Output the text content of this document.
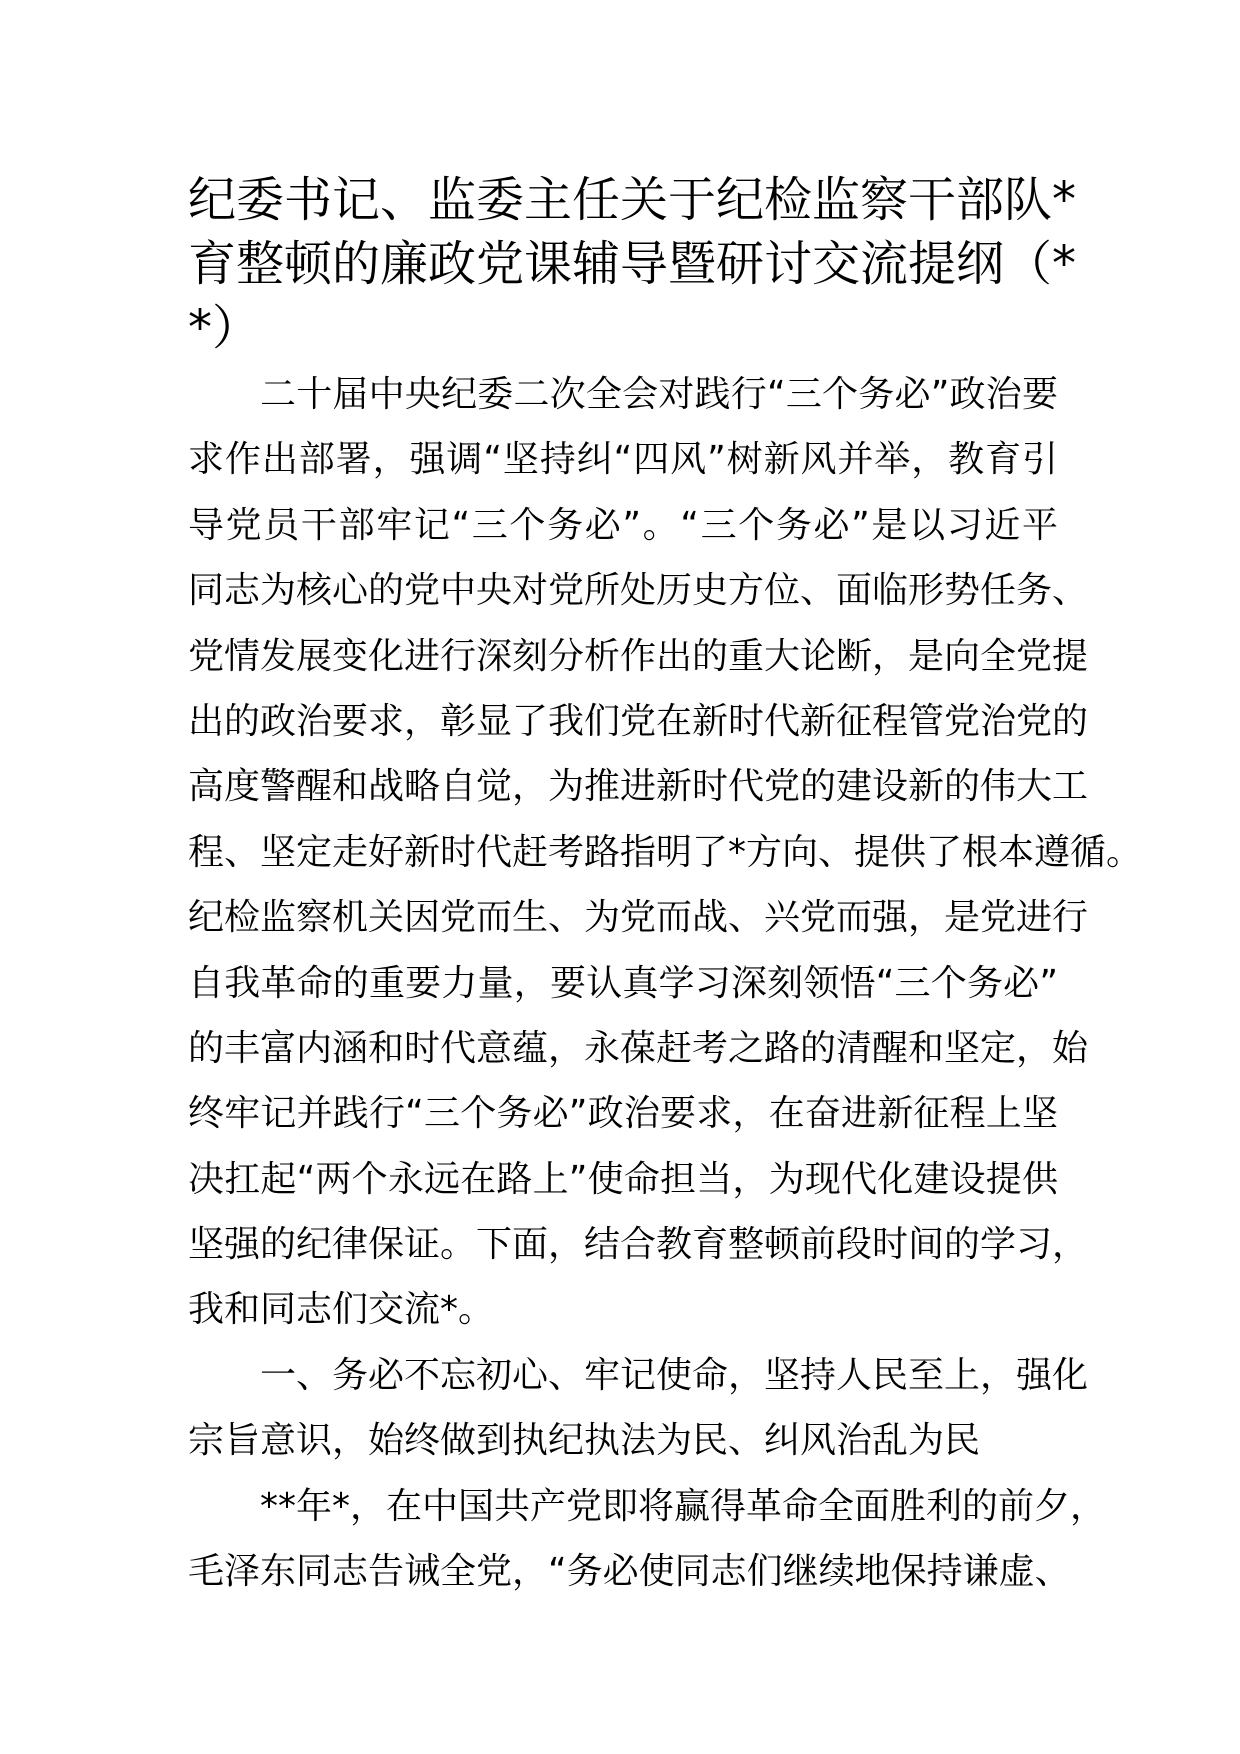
纪委书记、监委主任关于纪检监察干部队*
育整顿的廉政党课辅导暨研讨交流提纲（*
*）
二十届中央纪委二次全会对践行“三个务必”政治要
求作出部署，强调“坚持纠“四风”树新风并举，教育引
导党员干部牢记“三个务必”。“三个务必”是以习近平
同志为核心的党中央对党所处历史方位、面临形势任务、
党情发展变化进行深刻分析作出的重大论断，是向全党提
出的政治要求，彰显了我们党在新时代新征程管党治党的
高度警醒和战略自觉，为推进新时代党的建设新的伟大工
程、坚定走好新时代赶考路指明了*方向、提供了根本遵循。
纪检监察机关因党而生、为党而战、兴党而强，是党进行
自我革命的重要力量，要认真学习深刻领悟“三个务必”
的丰富内涵和时代意蕴，永葆赶考之路的清醒和坚定，始
终牢记并践行“三个务必”政治要求，在奋进新征程上坚
决扛起“两个永远在路上”使命担当，为现代化建设提供
坚强的纪律保证。下面，结合教育整顿前段时间的学习，
我和同志们交流*。
一、务必不忘初心、牢记使命，坚持人民至上，强化
宗旨意识，始终做到执纪执法为民、纠风治乱为民
**年*，在中国共产党即将赢得革命全面胜利的前夕，
毛泽东同志告诫全党，“务必使同志们继续地保持谦虚、
